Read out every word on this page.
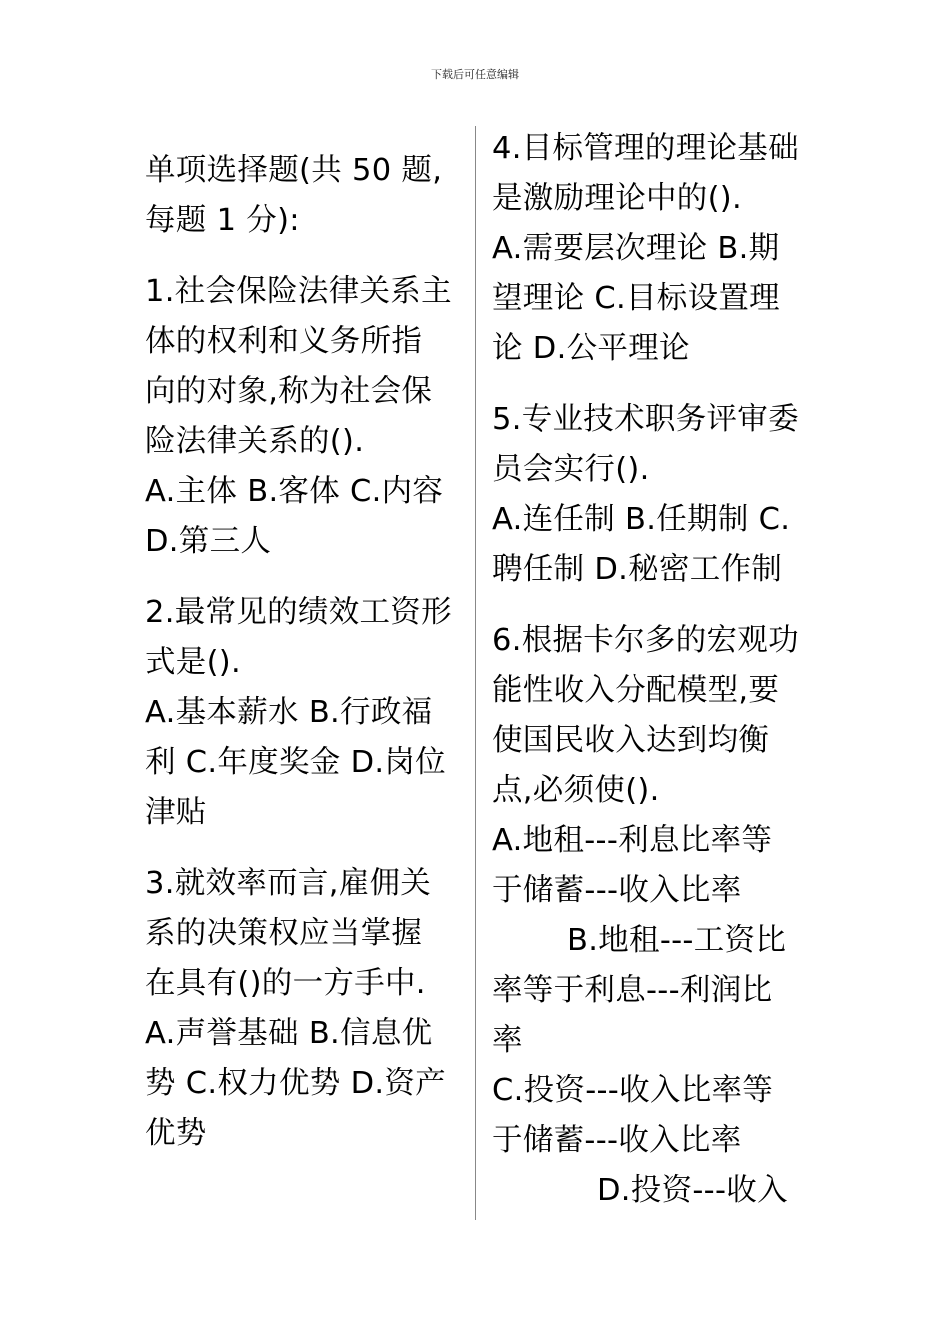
下载后可任意编辑
单项选择题(共 50 题,
每题 1 分):
1.社会保险法律关系主
体的权利和义务所指
向的对象,称为社会保
险法律关系的().
A.主体 B.客体 C.内容
D.第三人
2.最常见的绩效工资形
式是().
A.基本薪水 B.行政福
利 C.年度奖金 D.岗位
津贴
3.就效率而言,雇佣关
系的决策权应当掌握
在具有()的一方手中.
A.声誉基础 B.信息优
势 C.权力优势 D.资产
优势
4.目标管理的理论基础
是激励理论中的().
A.需要层次理论 B.期
望理论 C.目标设置理
论 D.公平理论
5.专业技术职务评审委
员会实行().
A.连任制 B.任期制 C.
聘任制 D.秘密工作制
6.根据卡尔多的宏观功
能性收入分配模型,要
使国民收入达到均衡
点,必须使().
A.地租---利息比率等
于储蓄---收入比率
B.地租---工资比
率等于利息---利润比
率
C.投资---收入比率等
于储蓄---收入比率
D.投资---收入
